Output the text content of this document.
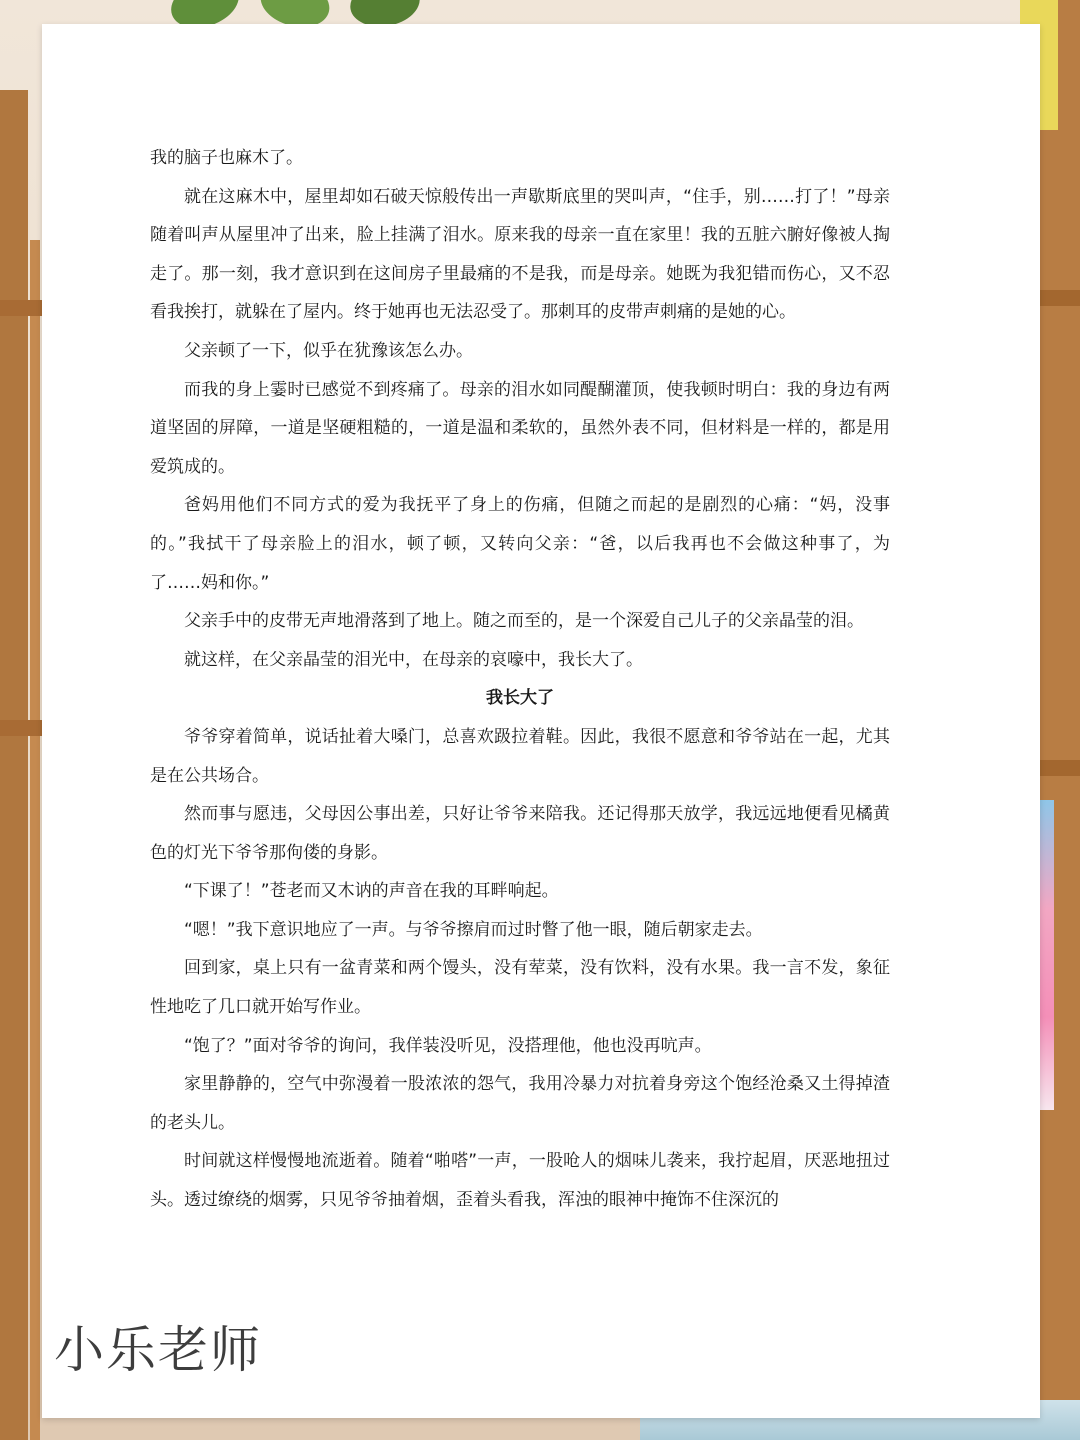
我的脑子也麻木了。

就在这麻木中，屋里却如石破天惊般传出一声歇斯底里的哭叫声，“住手，别……打了！”母亲随着叫声从屋里冲了出来，脸上挂满了泪水。原来我的母亲一直在家里！我的五脏六腑好像被人掏走了。那一刻，我才意识到在这间房子里最痛的不是我，而是母亲。她既为我犯错而伤心，又不忍看我挨打，就躲在了屋内。终于她再也无法忍受了。那刺耳的皮带声刺痛的是她的心。

父亲顿了一下，似乎在犹豫该怎么办。

而我的身上霎时已感觉不到疼痛了。母亲的泪水如同醍醐灌顶，使我顿时明白：我的身边有两道坚固的屏障，一道是坚硬粗糙的，一道是温和柔软的，虽然外表不同，但材料是一样的，都是用爱筑成的。

爸妈用他们不同方式的爱为我抚平了身上的伤痛，但随之而起的是剧烈的心痛：“妈，没事的。”我拭干了母亲脸上的泪水，顿了顿，又转向父亲：“爸，以后我再也不会做这种事了，为了……妈和你。”

父亲手中的皮带无声地滑落到了地上。随之而至的，是一个深爱自己儿子的父亲晶莹的泪。

就这样，在父亲晶莹的泪光中，在母亲的哀嚎中，我长大了。

我长大了

爷爷穿着简单，说话扯着大嗓门，总喜欢趿拉着鞋。因此，我很不愿意和爷爷站在一起，尤其是在公共场合。

然而事与愿违，父母因公事出差，只好让爷爷来陪我。还记得那天放学，我远远地便看见橘黄色的灯光下爷爷那佝偻的身影。

“下课了！”苍老而又木讷的声音在我的耳畔响起。

“嗯！”我下意识地应了一声。与爷爷擦肩而过时瞥了他一眼，随后朝家走去。

回到家，桌上只有一盆青菜和两个馒头，没有荤菜，没有饮料，没有水果。我一言不发，象征性地吃了几口就开始写作业。

“饱了？”面对爷爷的询问，我佯装没听见，没搭理他，他也没再吭声。

家里静静的，空气中弥漫着一股浓浓的怨气，我用冷暴力对抗着身旁这个饱经沧桑又土得掉渣的老头儿。

时间就这样慢慢地流逝着。随着“啪嗒”一声，一股呛人的烟味儿袭来，我拧起眉，厌恶地扭过头。透过缭绕的烟雾，只见爷爷抽着烟，歪着头看我，浑浊的眼神中掩饰不住深沉的

小乐老师
